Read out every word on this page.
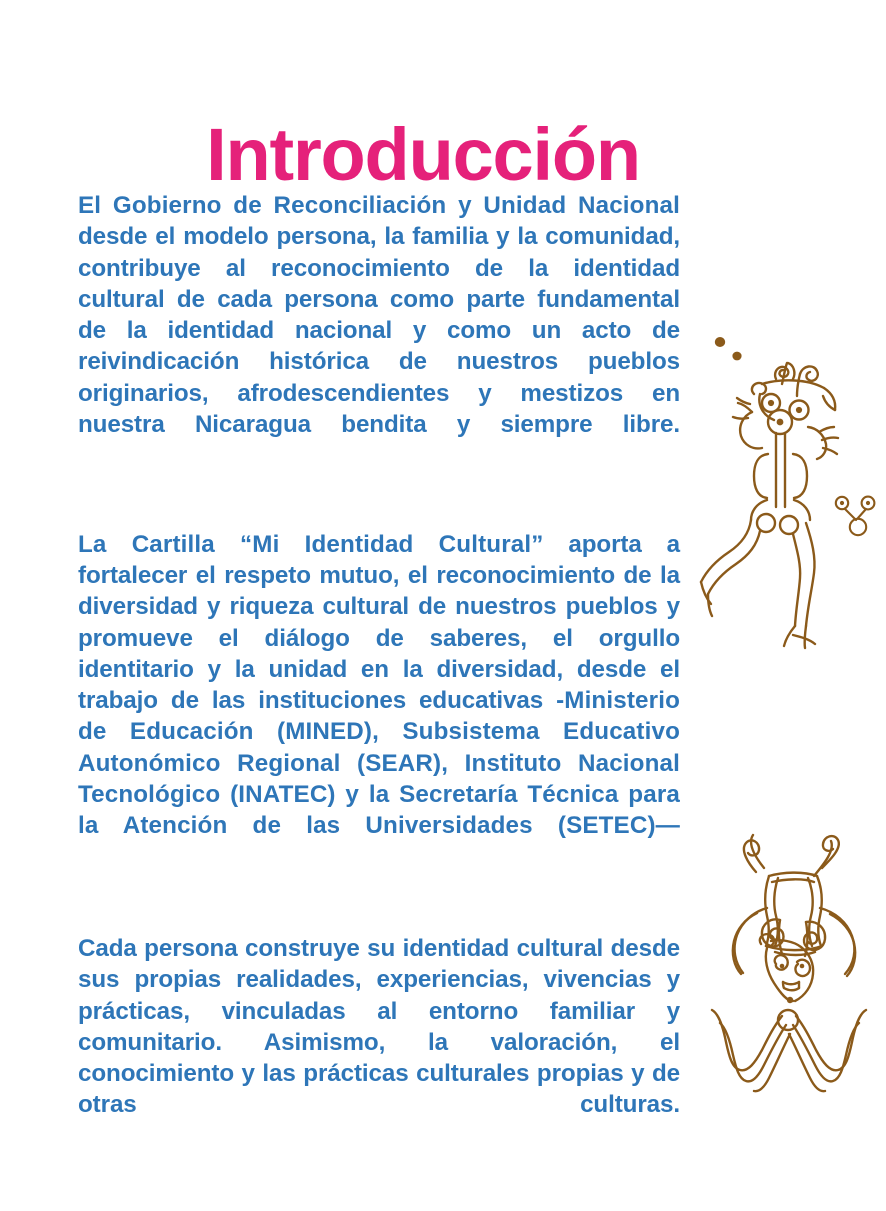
Introducción

El Gobierno de Reconciliación y Unidad Nacional desde el modelo persona, la familia y la comunidad, contribuye al reconocimiento de la identidad cultural de cada persona como parte fundamental de la identidad nacional y como un acto de reivindicación histórica de nuestros pueblos originarios, afrodescendientes y mestizos en nuestra Nicaragua bendita y siempre libre.

La Cartilla “Mi Identidad Cultural” aporta a fortalecer el respeto mutuo, el reconocimiento de la diversidad y riqueza cultural de nuestros pueblos y promueve el diálogo de saberes, el orgullo identitario y la unidad en la diversidad, desde el trabajo de las instituciones educativas -Ministerio de Educación (MINED), Subsistema Educativo Autonómico Regional (SEAR), Instituto Nacional Tecnológico (INATEC) y la Secretaría Técnica para la Atención de las Universidades (SETEC)—

Cada persona construye su identidad cultural desde sus propias realidades, experiencias, vivencias y prácticas, vinculadas al entorno familiar y comunitario. Asimismo, la valoración, el conocimiento y las prácticas culturales propias y de otras culturas.
